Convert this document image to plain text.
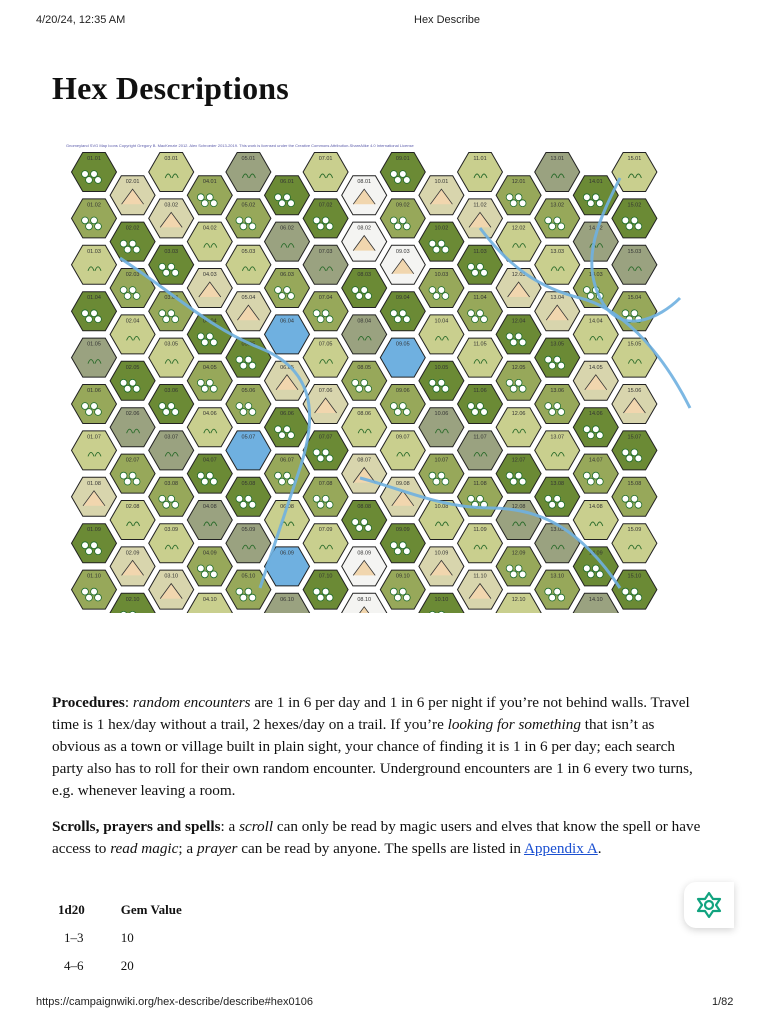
4/20/24, 12:35 AM	Hex Describe
Hex Descriptions
Gnomeyland SVG Map Icons Copyright Gregory B. MacKenzie 2012. Alex Schroeder 2013-2019. This work is licensed under the Creative Commons Attribution-ShareAlike 4.0 International License
01.01
01.02
01.03
01.04
01.05
01.06
01.07
01.08
01.09
01.10
02.01
02.02
02.03
02.04
02.05
02.06
02.07
02.08
02.09
02.10
03.01
03.02
03.03
03.04
03.05
03.06
03.07
03.08
03.09
03.10
04.01
04.02
04.03
04.04
04.05
04.06
04.07
04.08
04.09
04.10
05.01
05.02
05.03
05.04
05.05
05.06
05.07
05.08
05.09
05.10
06.01
06.02
06.03
06.04
06.05
06.06
06.07
06.08
06.09
06.10
07.01
07.02
07.03
07.04
07.05
07.06
07.07
07.08
07.09
07.10
08.01
08.02
08.03
08.04
08.05
08.06
08.07
08.08
08.09
08.10
09.01
09.02
09.03
09.04
09.05
09.06
09.07
09.08
09.09
09.10
10.01
10.02
10.03
10.04
10.05
10.06
10.07
10.08
10.09
10.10
11.01
11.02
11.03
11.04
11.05
11.06
11.07
11.08
11.09
11.10
12.01
12.02
12.03
12.04
12.05
12.06
12.07
12.08
12.09
12.10
13.01
13.02
13.03
13.04
13.05
13.06
13.07
13.08
13.09
13.10
14.01
14.02
14.03
14.04
14.05
14.06
14.07
14.08
14.09
14.10
15.01
15.02
15.03
15.04
15.05
15.06
15.07
15.08
15.09
15.10

Procedures: random encounters are 1 in 6 per day and 1 in 6 per night if you’re not behind walls. Travel time is 1 hex/day without a trail, 2 hexes/day on a trail. If you’re looking for something that isn’t as obvious as a town or village built in plain sight, your chance of finding it is 1 in 6 per day; each search party also has to roll for their own random encounter. Underground encounters are 1 in 6 every two turns, e.g. whenever leaving a room.

Scrolls, prayers and spells: a scroll can only be read by magic users and elves that know the spell or have access to read magic; a prayer can be read by anyone. The spells are listed in Appendix A.

1d20	Gem Value
1–3	10
4–6	20
https://campaignwiki.org/hex-describe/describe#hex0106	1/82
